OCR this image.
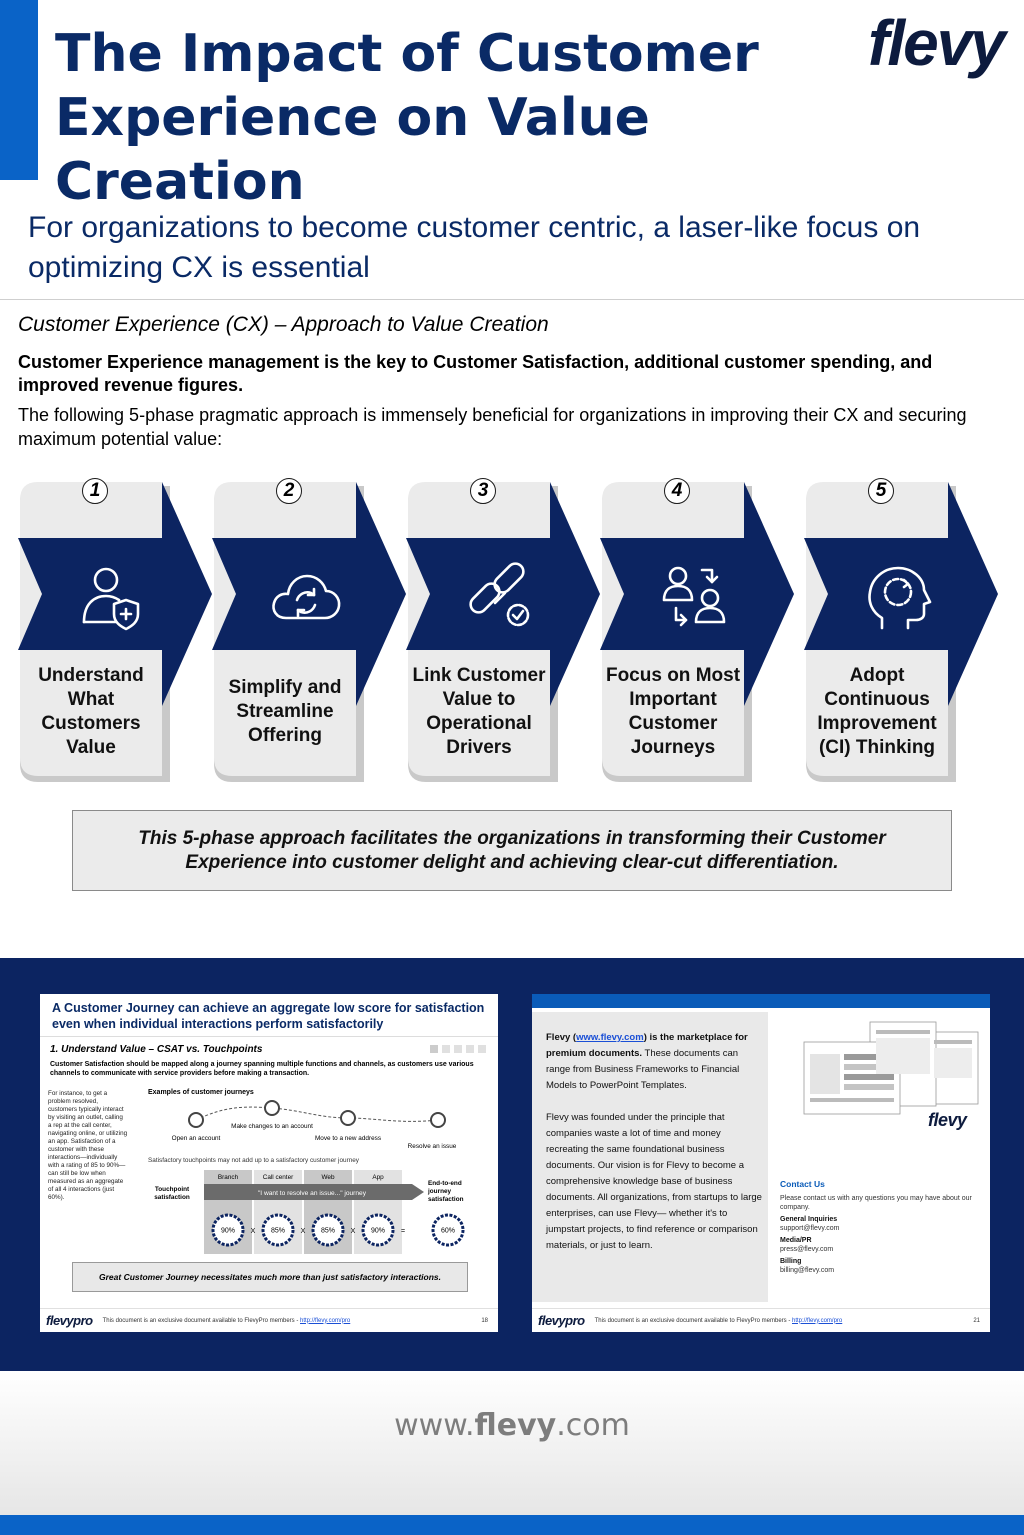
The Impact of Customer Experience on Value Creation
flevy
For organizations to become customer centric, a laser-like focus on optimizing CX is essential
Customer Experience (CX) – Approach to Value Creation
Customer Experience management is the key to Customer Satisfaction, additional customer spending, and improved revenue figures.
The following 5-phase pragmatic approach is immensely beneficial for organizations in improving their CX and securing maximum potential value:
1
Understand What Customers Value
2
Simplify and Streamline Offering
3
Link Customer Value to Operational Drivers
4
Focus on Most Important Customer Journeys
5
Adopt Continuous Improvement (CI) Thinking
This 5-phase approach facilitates the organizations in transforming their Customer Experience into customer delight and achieving clear-cut differentiation.
A Customer Journey can achieve an aggregate low score for satisfaction even when individual interactions perform satisfactorily
1. Understand Value – CSAT vs. Touchpoints
Customer Satisfaction should be mapped along a journey spanning multiple functions and channels, as customers use various channels to communicate with service providers before making a transaction.
For instance, to get a problem resolved, customers typically interact by visiting an outlet, calling a rep at the call center, navigating online, or utilizing an app. Satisfaction of a customer with these interactions—individually with a rating of 85 to 90%—can still be low when measured as an aggregate of all 4 interactions (just 60%).
Examples of customer journeys
Open an account
Make changes to an account
Move to a new address
Resolve an issue
Branch	Call center	Web	App
"I want to resolve an issue..." journey
90%	85%	85%	90%
X	X	X	=	60%
Satisfactory touchpoints may not add up to a satisfactory customer journey
Touchpoint satisfaction
End-to-end journey satisfaction
Great Customer Journey necessitates much more than just satisfactory interactions.
flevypro This document is an exclusive document available to FlevyPro members -
http://flevy.com/pro	18

Flevy (www.flevy.com) is the marketplace for premium documents. These documents can range from Business Frameworks to Financial Models to PowerPoint Templates.

Flevy was founded under the principle that companies waste a lot of time and money recreating the same foundational business documents. Our vision is for Flevy to become a comprehensive knowledge base of business documents. All organizations, from startups to large enterprises, can use Flevy— whether it's to jumpstart projects, to find reference or comparison materials, or just to learn.

flevy
Contact Us
Please contact us with any questions you may have about our company.
General Inquiries
support@flevy.com
Media/PR
press@flevy.com
Billing
billing@flevy.com
flevypro This document is an exclusive document available to FlevyPro members -
http://flevy.com/pro	21
www.flevy.com
